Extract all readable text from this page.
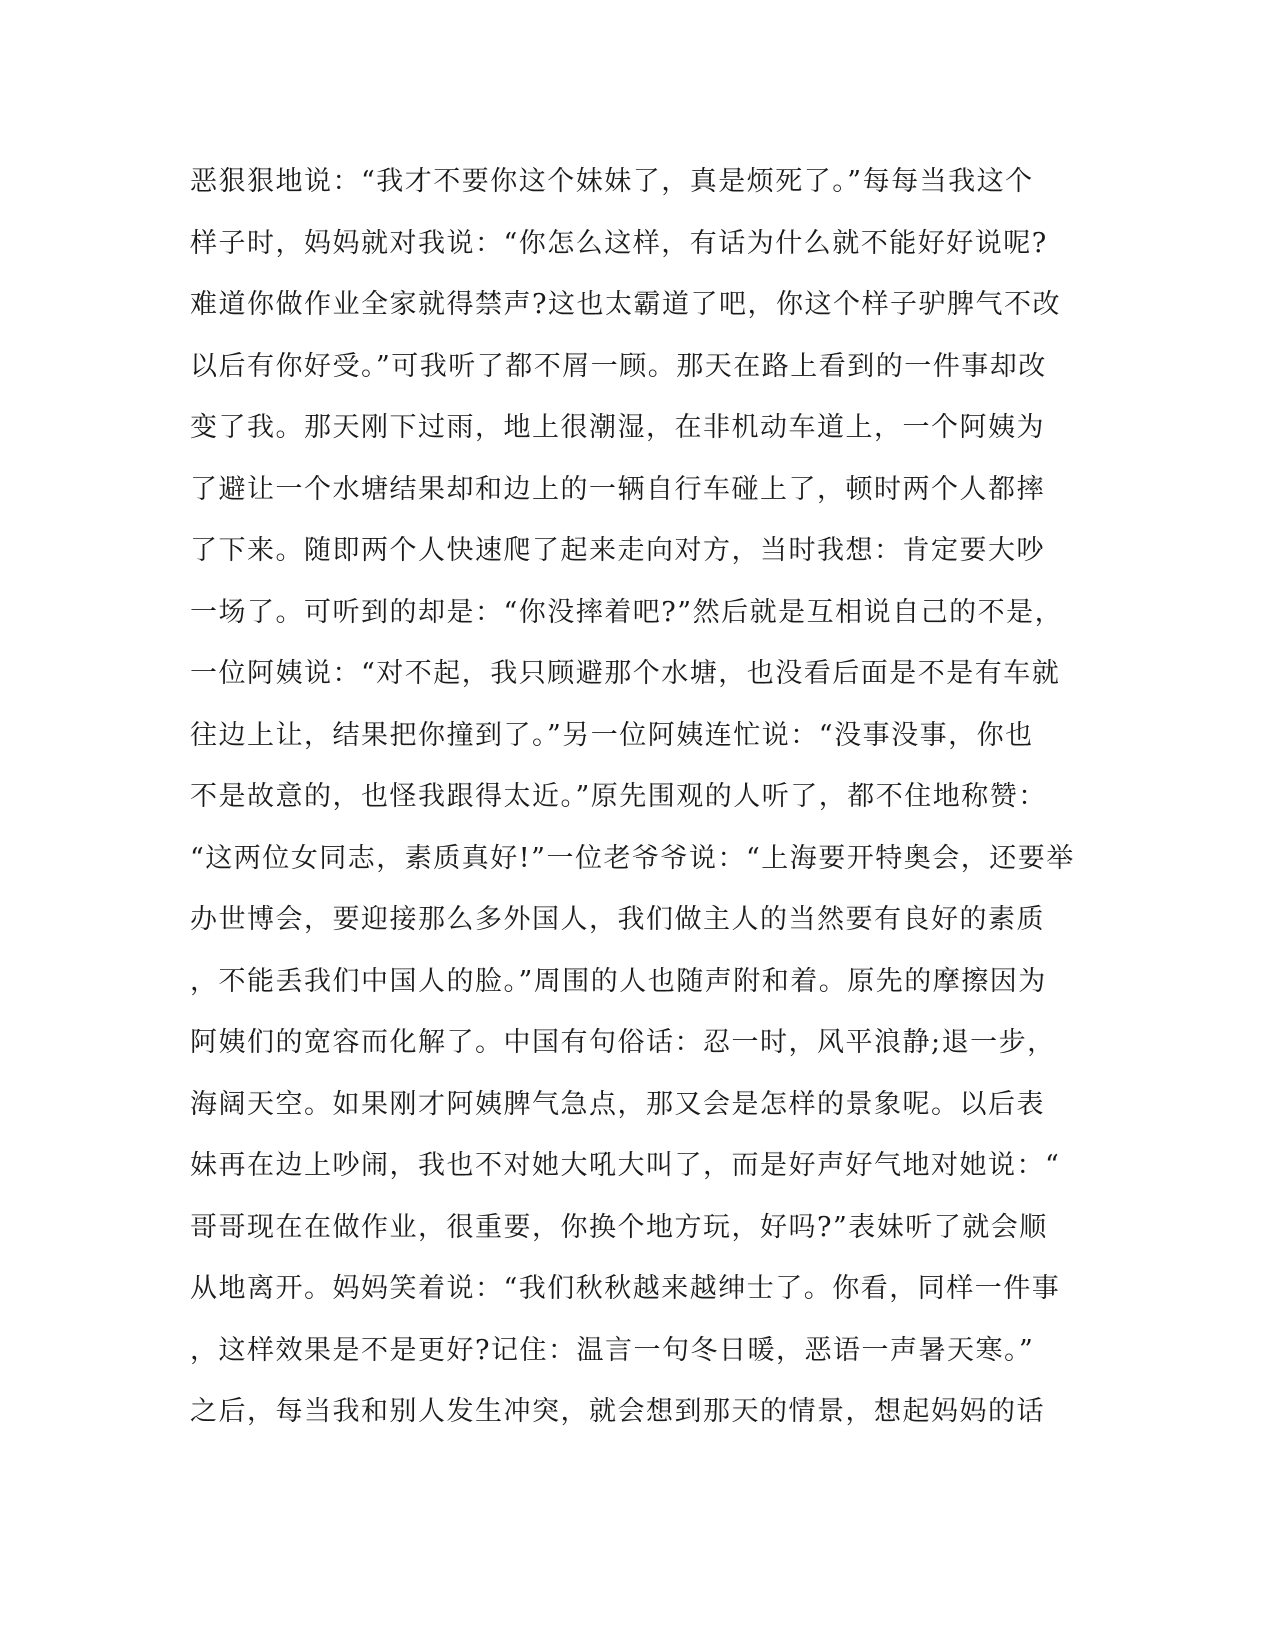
恶狠狠地说：“我才不要你这个妹妹了，真是烦死了。”每每当我这个
样子时，妈妈就对我说：“你怎么这样，有话为什么就不能好好说呢?
难道你做作业全家就得禁声?这也太霸道了吧，你这个样子驴脾气不改
以后有你好受。”可我听了都不屑一顾。那天在路上看到的一件事却改
变了我。那天刚下过雨，地上很潮湿，在非机动车道上，一个阿姨为
了避让一个水塘结果却和边上的一辆自行车碰上了，顿时两个人都摔
了下来。随即两个人快速爬了起来走向对方，当时我想：肯定要大吵
一场了。可听到的却是：“你没摔着吧?”然后就是互相说自己的不是，
一位阿姨说：“对不起，我只顾避那个水塘，也没看后面是不是有车就
往边上让，结果把你撞到了。”另一位阿姨连忙说：“没事没事，你也
不是故意的，也怪我跟得太近。”原先围观的人听了，都不住地称赞：
“这两位女同志，素质真好!”一位老爷爷说：“上海要开特奥会，还要举
办世博会，要迎接那么多外国人，我们做主人的当然要有良好的素质
，不能丢我们中国人的脸。”周围的人也随声附和着。原先的摩擦因为
阿姨们的宽容而化解了。中国有句俗话：忍一时，风平浪静;退一步，
海阔天空。如果刚才阿姨脾气急点，那又会是怎样的景象呢。以后表
妹再在边上吵闹，我也不对她大吼大叫了，而是好声好气地对她说：“
哥哥现在在做作业，很重要，你换个地方玩，好吗?”表妹听了就会顺
从地离开。妈妈笑着说：“我们秋秋越来越绅士了。你看，同样一件事
，这样效果是不是更好?记住：温言一句冬日暖，恶语一声暑天寒。”
之后，每当我和别人发生冲突，就会想到那天的情景，想起妈妈的话
